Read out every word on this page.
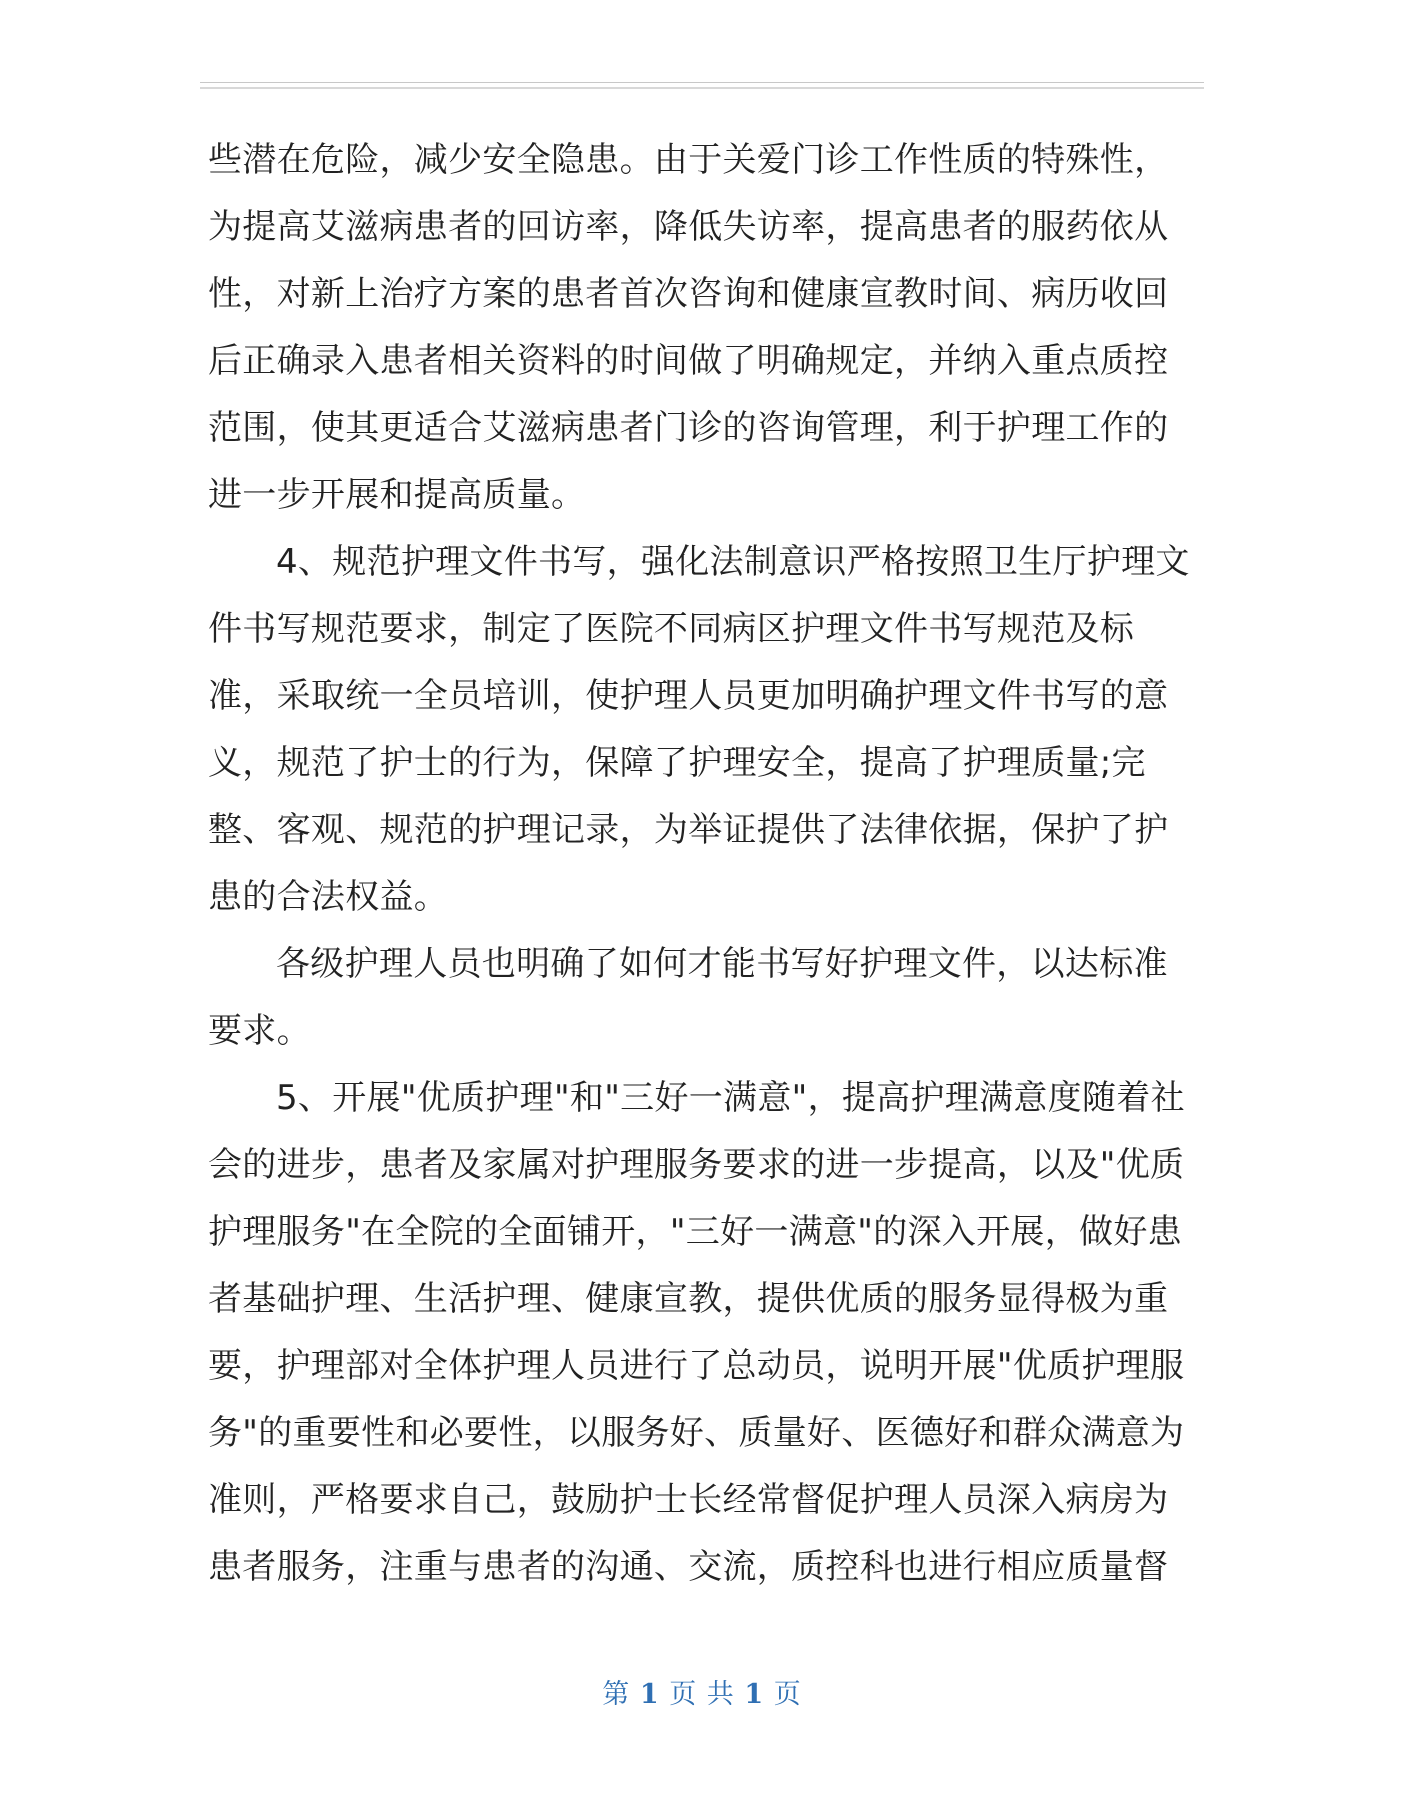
些潜在危险，减少安全隐患。由于关爱门诊工作性质的特殊性，
为提高艾滋病患者的回访率，降低失访率，提高患者的服药依从
性，对新上治疗方案的患者首次咨询和健康宣教时间、病历收回
后正确录入患者相关资料的时间做了明确规定，并纳入重点质控
范围，使其更适合艾滋病患者门诊的咨询管理，利于护理工作的
进一步开展和提高质量。
4、规范护理文件书写，强化法制意识严格按照卫生厅护理文
件书写规范要求，制定了医院不同病区护理文件书写规范及标
准，采取统一全员培训，使护理人员更加明确护理文件书写的意
义，规范了护士的行为，保障了护理安全，提高了护理质量;完
整、客观、规范的护理记录，为举证提供了法律依据，保护了护
患的合法权益。
各级护理人员也明确了如何才能书写好护理文件，以达标准
要求。
5、开展"优质护理"和"三好一满意"，提高护理满意度随着社
会的进步，患者及家属对护理服务要求的进一步提高，以及"优质
护理服务"在全院的全面铺开，"三好一满意"的深入开展，做好患
者基础护理、生活护理、健康宣教，提供优质的服务显得极为重
要，护理部对全体护理人员进行了总动员，说明开展"优质护理服
务"的重要性和必要性，以服务好、质量好、医德好和群众满意为
准则，严格要求自己，鼓励护士长经常督促护理人员深入病房为
患者服务，注重与患者的沟通、交流，质控科也进行相应质量督
第 1 页 共 1 页
